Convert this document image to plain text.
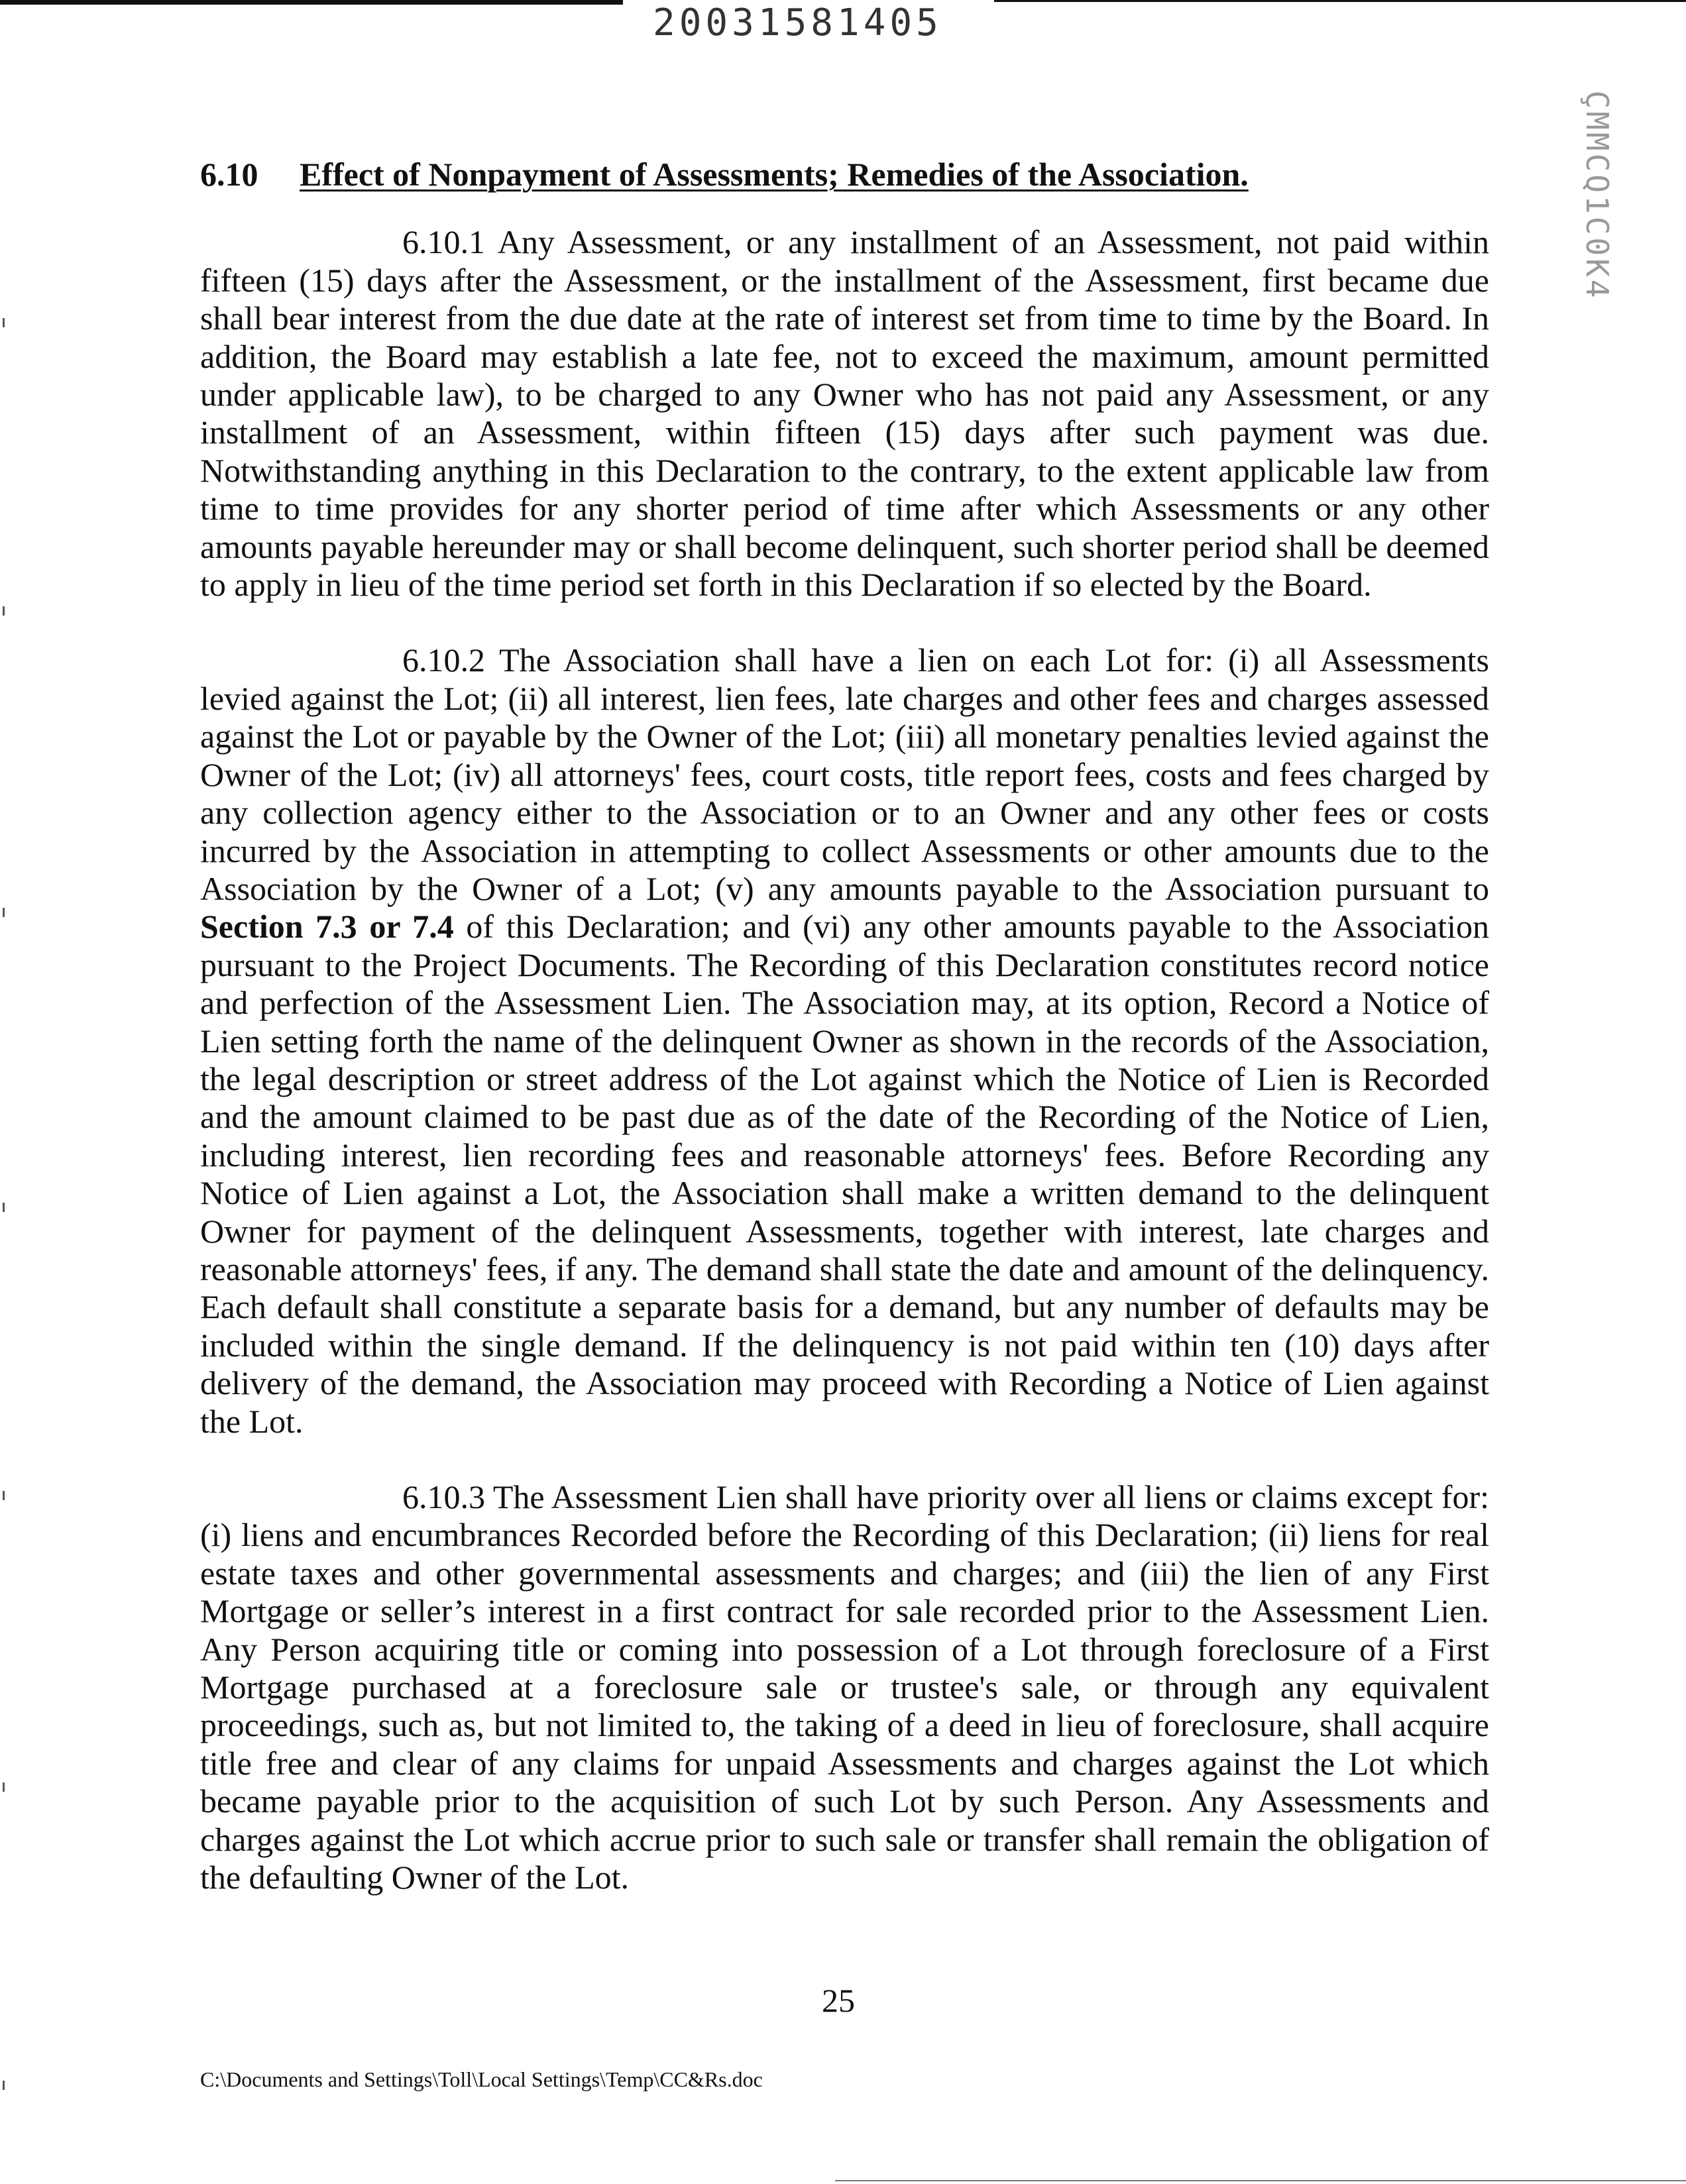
20031581405
ÇMMCQ1C0K4
6.10 Effect of Nonpayment of Assessments; Remedies of the Association.

6.10.1 Any Assessment, or any installment of an Assessment, not paid within fifteen (15) days after the Assessment, or the installment of the Assessment, first became due shall bear interest from the due date at the rate of interest set from time to time by the Board. In addition, the Board may establish a late fee, not to exceed the maximum, amount permitted under applicable law), to be charged to any Owner who has not paid any Assessment, or any installment of an Assessment, within fifteen (15) days after such payment was due. Notwithstanding anything in this Declaration to the contrary, to the extent applicable law from time to time provides for any shorter period of time after which Assessments or any other amounts payable hereunder may or shall become delinquent, such shorter period shall be deemed to apply in lieu of the time period set forth in this Declaration if so elected by the Board.

6.10.2 The Association shall have a lien on each Lot for: (i) all Assessments levied against the Lot; (ii) all interest, lien fees, late charges and other fees and charges assessed against the Lot or payable by the Owner of the Lot; (iii) all monetary penalties levied against the Owner of the Lot; (iv) all attorneys' fees, court costs, title report fees, costs and fees charged by any collection agency either to the Association or to an Owner and any other fees or costs incurred by the Association in attempting to collect Assessments or other amounts due to the Association by the Owner of a Lot; (v) any amounts payable to the Association pursuant to Section 7.3 or 7.4 of this Declaration; and (vi) any other amounts payable to the Association pursuant to the Project Documents. The Recording of this Declaration constitutes record notice and perfection of the Assessment Lien. The Association may, at its option, Record a Notice of Lien setting forth the name of the delinquent Owner as shown in the records of the Association, the legal description or street address of the Lot against which the Notice of Lien is Recorded and the amount claimed to be past due as of the date of the Recording of the Notice of Lien, including interest, lien recording fees and reasonable attorneys' fees. Before Recording any Notice of Lien against a Lot, the Association shall make a written demand to the delinquent Owner for payment of the delinquent Assessments, together with interest, late charges and reasonable attorneys' fees, if any. The demand shall state the date and amount of the delinquency. Each default shall constitute a separate basis for a demand, but any number of defaults may be included within the single demand. If the delinquency is not paid within ten (10) days after delivery of the demand, the Association may proceed with Recording a Notice of Lien against the Lot.

6.10.3 The Assessment Lien shall have priority over all liens or claims except for: (i) liens and encumbrances Recorded before the Recording of this Declaration; (ii) liens for real estate taxes and other governmental assessments and charges; and (iii) the lien of any First Mortgage or seller’s interest in a first contract for sale recorded prior to the Assessment Lien. Any Person acquiring title or coming into possession of a Lot through foreclosure of a First Mortgage purchased at a foreclosure sale or trustee's sale, or through any equivalent proceedings, such as, but not limited to, the taking of a deed in lieu of foreclosure, shall acquire title free and clear of any claims for unpaid Assessments and charges against the Lot which became payable prior to the acquisition of such Lot by such Person. Any Assessments and charges against the Lot which accrue prior to such sale or transfer shall remain the obligation of the defaulting Owner of the Lot.

25
C:\Documents and Settings\Toll\Local Settings\Temp\CC&Rs.doc
